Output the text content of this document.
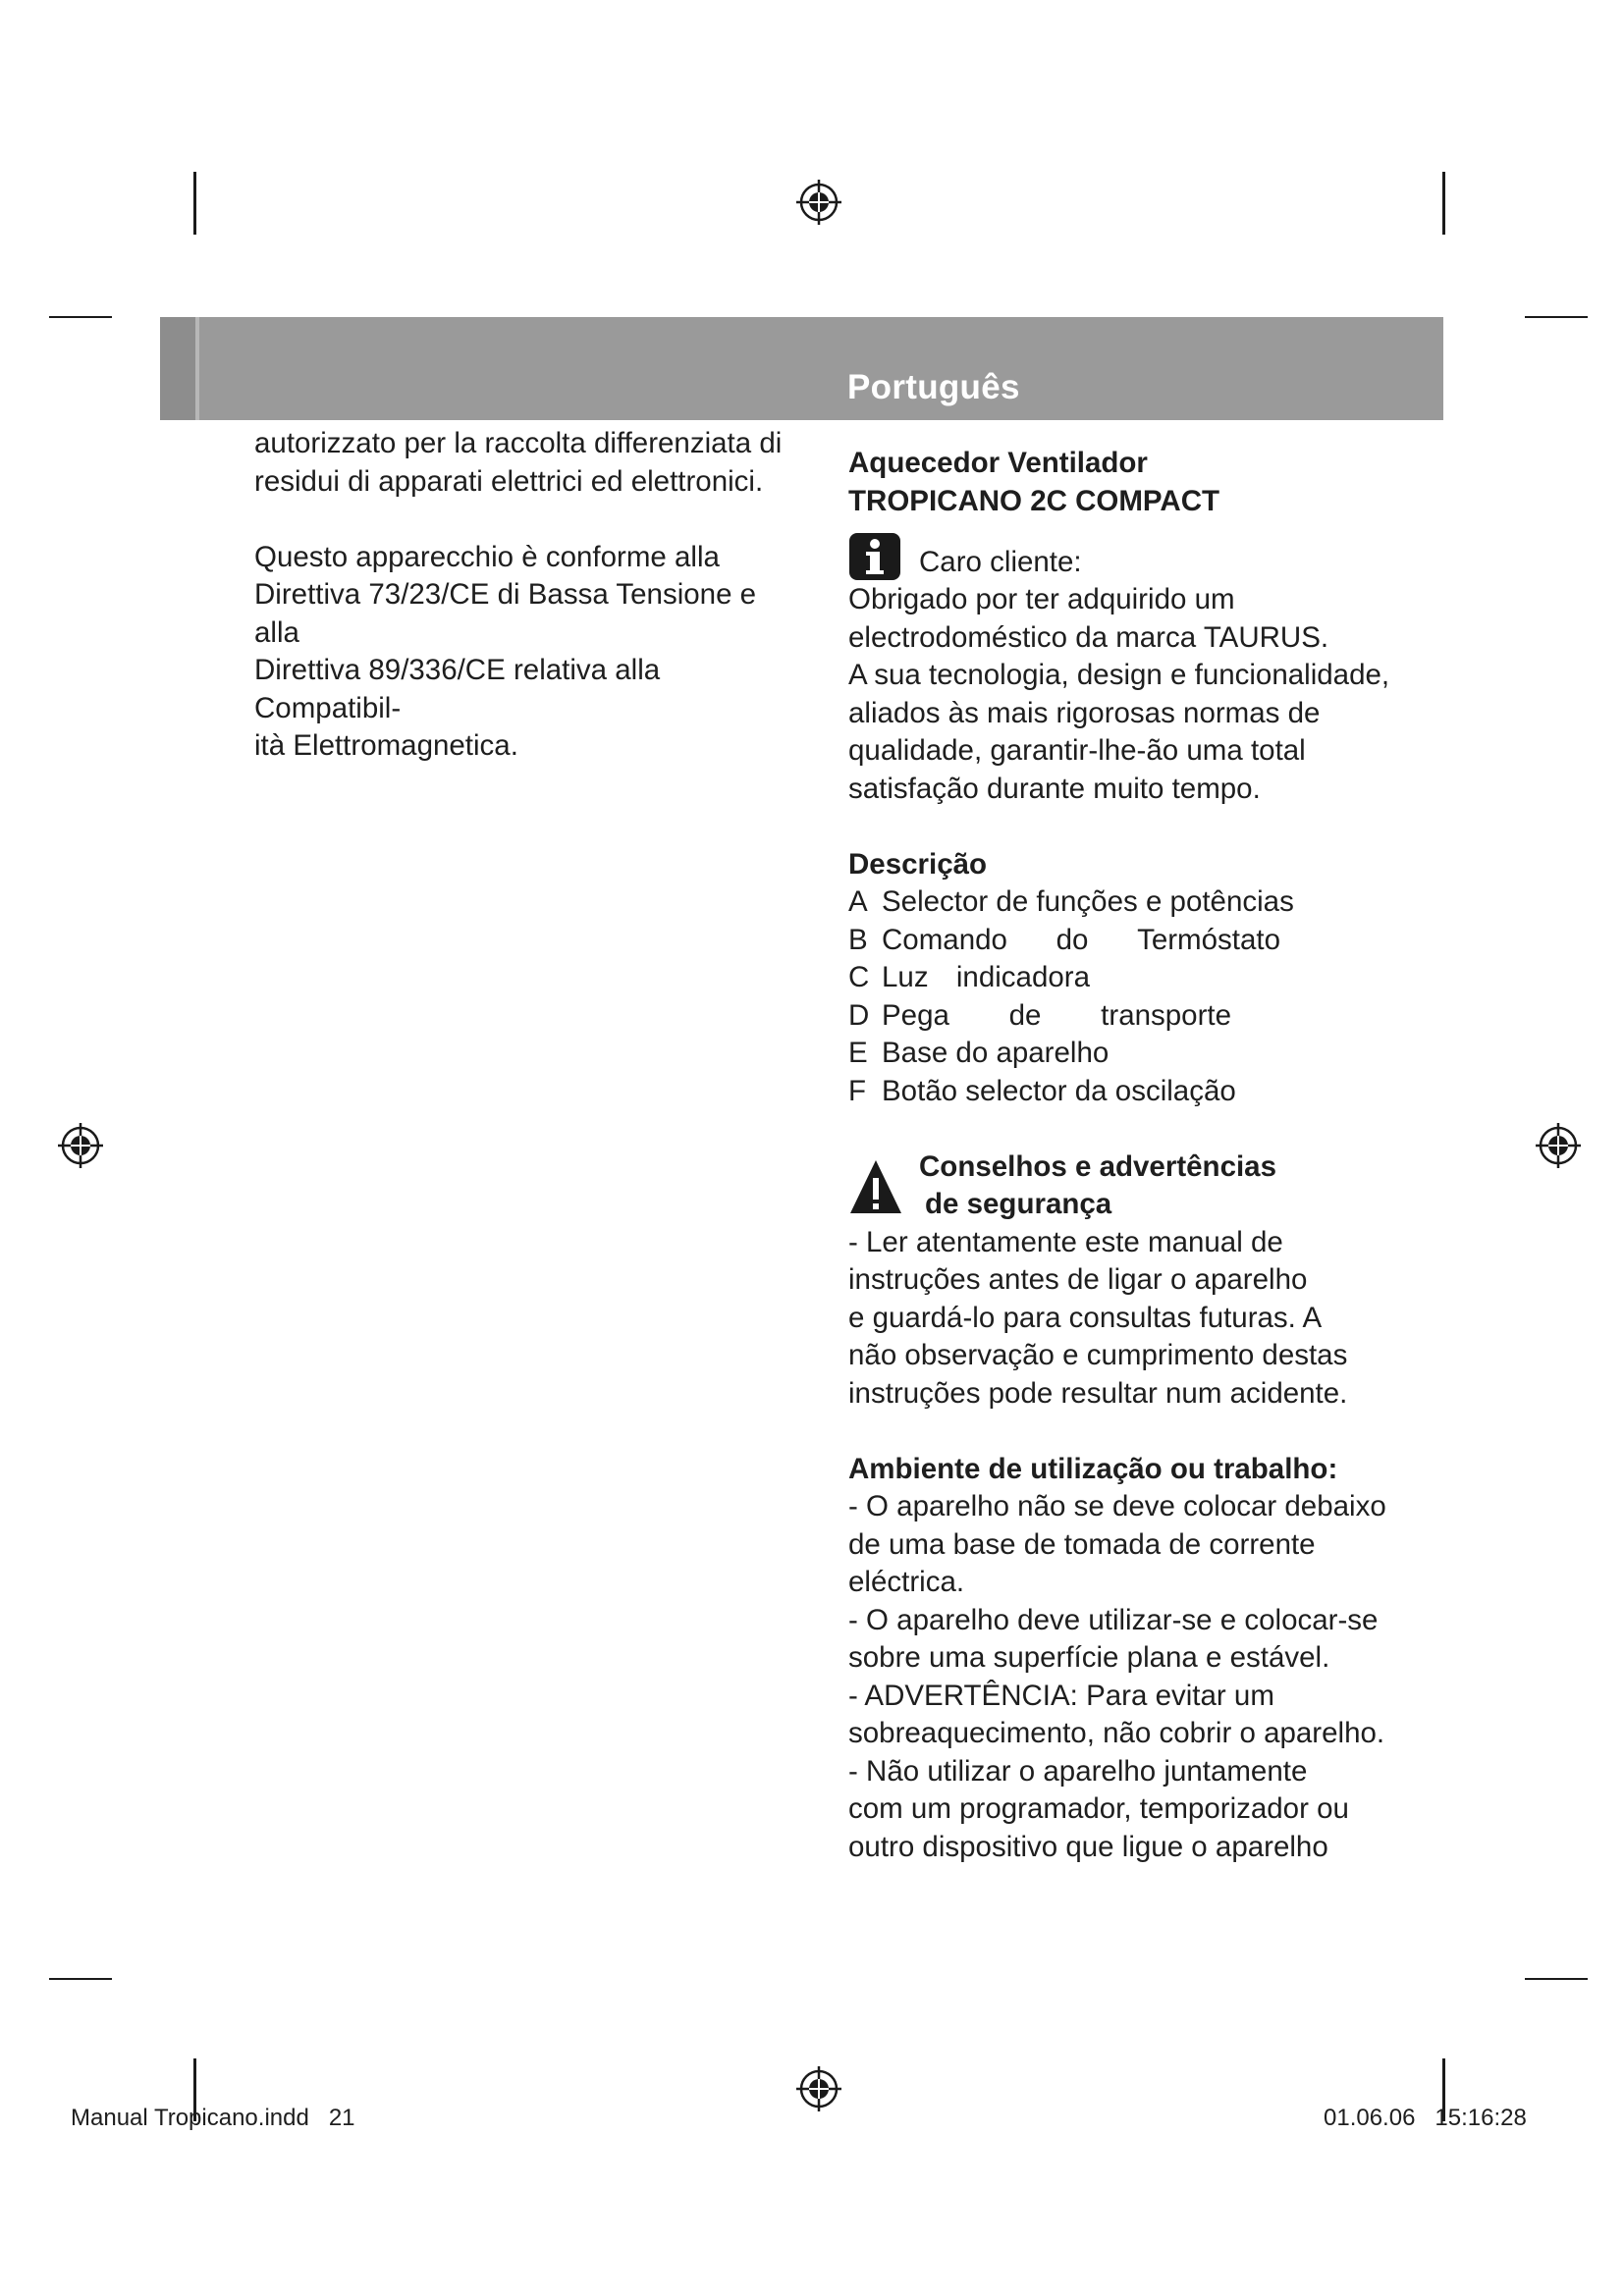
Português

autorizzato per la raccolta differenziata di
residui di apparati elettrici ed elettronici.

Questo apparecchio è conforme alla
Direttiva 73/23/CE di Bassa Tensione e alla
Direttiva 89/336/CE relativa alla Compatibil-
ità Elettromagnetica.

Aquecedor Ventilador
TROPICANO 2C COMPACT
Caro cliente:

Obrigado por ter adquirido um
electrodoméstico da marca TAURUS.
A sua tecnologia, design e funcionalidade,
aliados às mais rigorosas normas de
qualidade, garantir-lhe-ão uma total
satisfação durante muito tempo.

Descrição
A Selector de funções e potências
B Comando do Termóstato
C Luz indicadora
D Pega de transporte
E Base do aparelho
F Botão selector da oscilação
Conselhos e advertências
de segurança

- Ler atentamente este manual de
instruções antes de ligar o aparelho
e guardá-lo para consultas futuras. A
não observação e cumprimento destas
instruções pode resultar num acidente.

Ambiente de utilização ou trabalho:

- O aparelho não se deve colocar debaixo
de uma base de tomada de corrente
eléctrica.
- O aparelho deve utilizar-se e colocar-se
sobre uma superfície plana e estável.
- ADVERTÊNCIA: Para evitar um
sobreaquecimento, não cobrir o aparelho.
- Não utilizar o aparelho juntamente
com um programador, temporizador ou
outro dispositivo que ligue o aparelho

Manual Tropicano.indd   21	01.06.06   15:16:28
